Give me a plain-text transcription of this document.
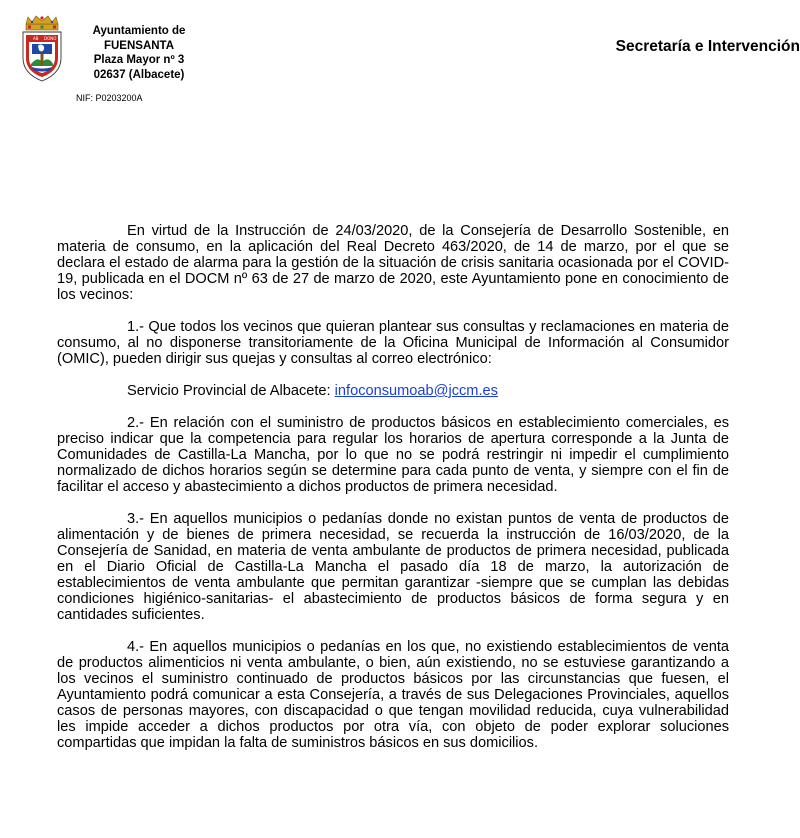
AB DONO
Ayuntamiento de
FUENSANTA
Plaza Mayor nº 3
02637 (Albacete)
NIF: P0203200A
Secretaría e Intervención

En virtud de la Instrucción de 24/03/2020, de la Consejería de Desarrollo Sostenible, en materia de consumo, en la aplicación del Real Decreto 463/2020, de 14 de marzo, por el que se declara el estado de alarma para la gestión de la situación de crisis sanitaria ocasionada por el COVID-19, publicada en el DOCM nº 63 de 27 de marzo de 2020, este Ayuntamiento pone en conocimiento de los vecinos:

1.- Que todos los vecinos que quieran plantear sus consultas y reclamaciones en materia de consumo, al no disponerse transitoriamente de la Oficina Municipal de Información al Consumidor (OMIC), pueden dirigir sus quejas y consultas al correo electrónico:

Servicio Provincial de Albacete: infoconsumoab@jccm.es

2.- En relación con el suministro de productos básicos en establecimiento comerciales, es preciso indicar que la competencia para regular los horarios de apertura corresponde a la Junta de Comunidades de Castilla-La Mancha, por lo que no se podrá restringir ni impedir el cumplimiento normalizado de dichos horarios según se determine para cada punto de venta, y siempre con el fin de facilitar el acceso y abastecimiento a dichos productos de primera necesidad.

3.- En aquellos municipios o pedanías donde no existan puntos de venta de productos de alimentación y de bienes de primera necesidad, se recuerda la instrucción de 16/03/2020, de la Consejería de Sanidad, en materia de venta ambulante de productos de primera necesidad, publicada en el Diario Oficial de Castilla-La Mancha el pasado día 18 de marzo, la autorización de establecimientos de venta ambulante que permitan garantizar -siempre que se cumplan las debidas condiciones higiénico-sanitarias- el abastecimiento de productos básicos de forma segura y en cantidades suficientes.

4.- En aquellos municipios o pedanías en los que, no existiendo establecimientos de venta de productos alimenticios ni venta ambulante, o bien, aún existiendo, no se estuviese garantizando a los vecinos el suministro continuado de productos básicos por las circunstancias que fuesen, el Ayuntamiento podrá comunicar a esta Consejería, a través de sus Delegaciones Provinciales, aquellos casos de personas mayores, con discapacidad o que tengan movilidad reducida, cuya vulnerabilidad les impide acceder a dichos productos por otra vía, con objeto de poder explorar soluciones compartidas que impidan la falta de suministros básicos en sus domicilios.
